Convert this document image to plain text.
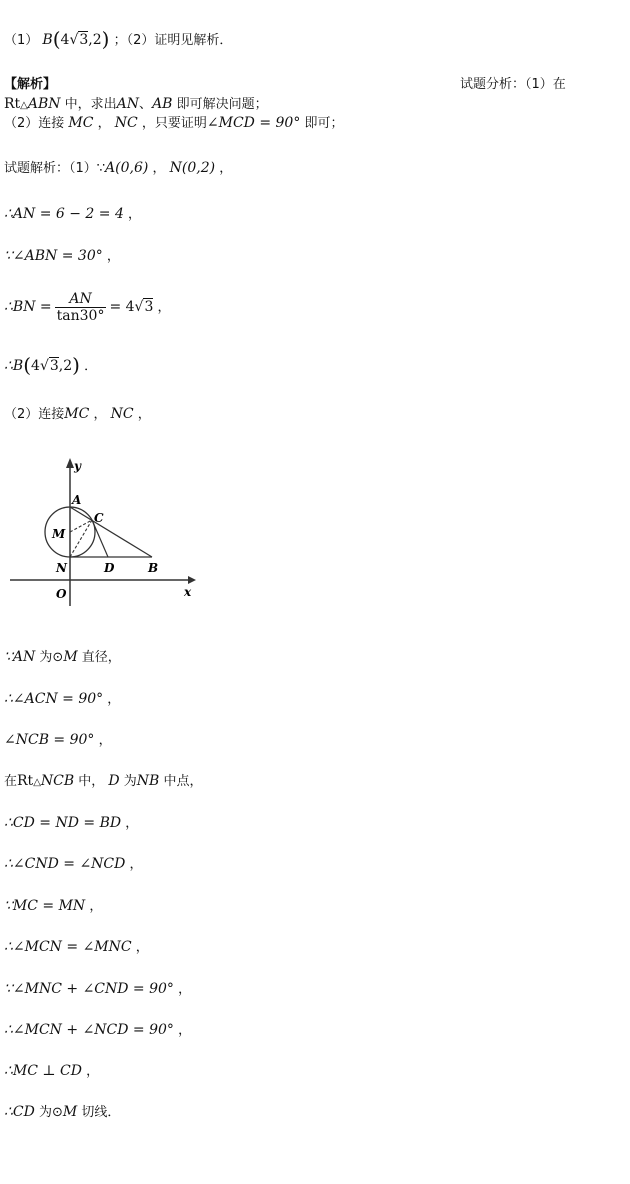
（1） B(4√3,2) ；（2）证明见解析．
【解析】	试题分析：（1）在
Rt△ABN 中，求出AN、AB 即可解决问题；
（2）连接 MC ， NC ，只要证明∠MCD = 90° 即可；
试题解析：（1）∵A(0,6) ， N(0,2) ，
∴AN = 6 − 2 = 4 ，
∵∠ABN = 30° ，
∴BN = $\frac{AN}{\tan 30^\circ} = 4√3$ ，
∴B(4√3,2) ．
（2）连接MC ， NC ，
y
x
A
C
M
N	D	B
O
∵AN 为⊙M 直径，
∴∠ACN = 90° ，
∠NCB = 90° ，
在Rt△NCB 中， D 为NB 中点，
∴CD = ND = BD ，
∴∠CND = ∠NCD ，
∵MC = MN ，
∴∠MCN = ∠MNC ，
∵∠MNC + ∠CND = 90° ，
∴∠MCN + ∠NCD = 90° ，
∴MC ⊥ CD ，
∴CD 为⊙M 切线．
